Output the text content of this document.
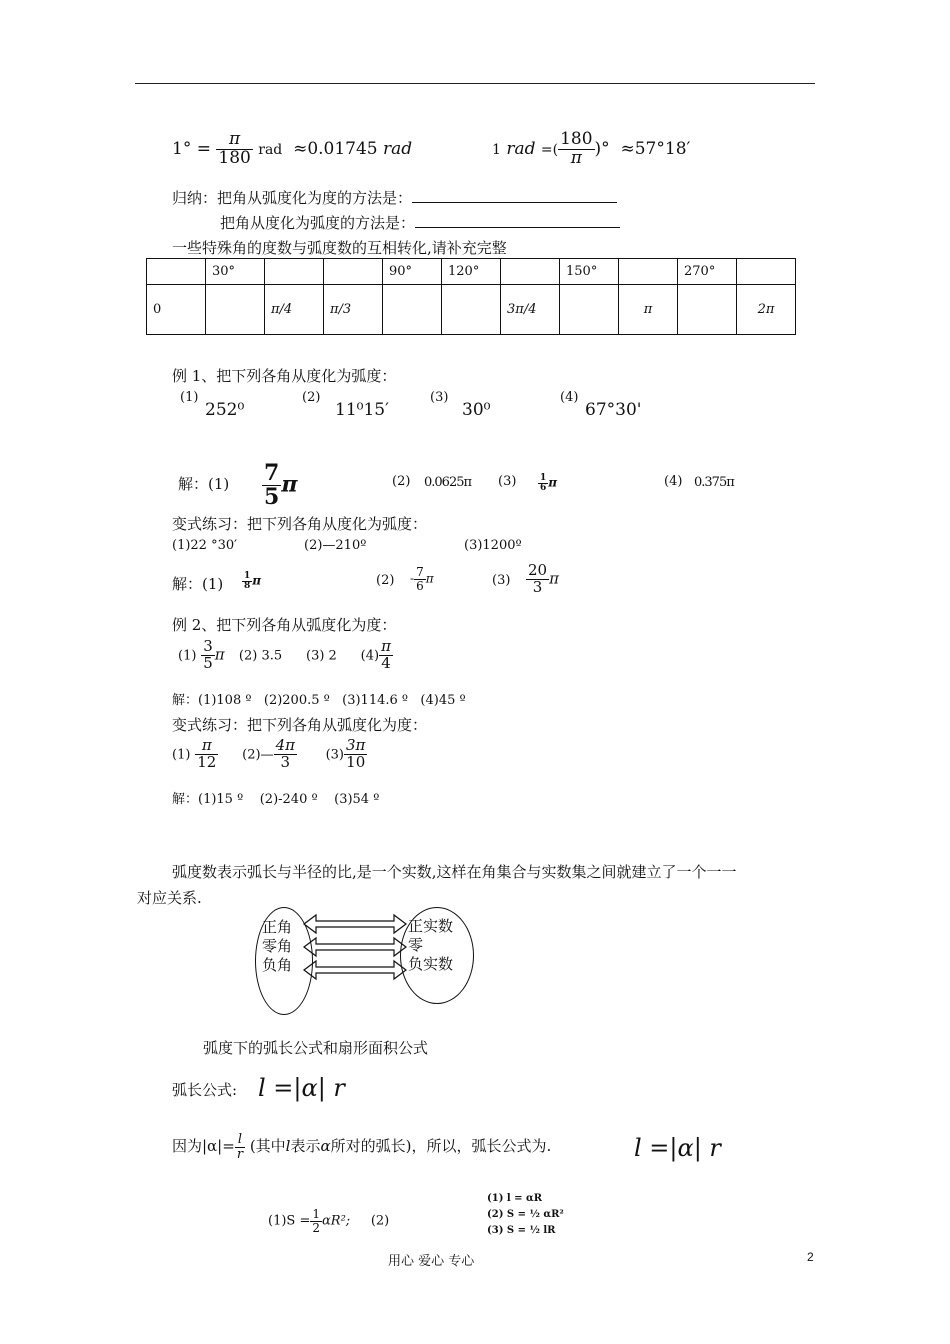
$1^\circ = \frac{\pi}{180}$ rad ≈0.01745 rad	1 rad =( $\frac{180}{\pi}$ )° ≈57°18′
归纳：把角从弧度化为度的方法是：
把角从度化为弧度的方法是：
一些特殊角的度数与弧度数的互相转化,请补充完整
	30°			90°	120°		150°		270°	
0		π/4	π/3			3π/4		π		2π
例 1、把下列各角从度化为弧度：
(1)
252⁰
(2)
11⁰15′
(3)
30⁰
(4)
67°30'
解：$(1) \frac{7}{5}$ π	(2) 0.0625π $(3) \frac{1}{6}$ π	(4) 0.375π
变式练习：把下列各角从度化为弧度：
(1)22 °30′	(2)—210º	(3)1200º
解：$(1) \frac{1}{8}$ π	$(2) - \frac{7}{6}$ π	$(3) \frac{20}{3}$ π
例 2、把下列各角从弧度化为度：
$(1) \frac{3}{5}$ π (2) 3.5 (3) 2 $(4) \frac{\pi}{4}$
解：(1)108 º   (2)200.5 º   (3)114.6 º   (4)45 º
变式练习：把下列各角从弧度化为度：
$(1) \frac{\pi}{12}$ (2)— $\frac{4\pi}{3} (3) \frac{3\pi}{10}$
解：(1)15 º    (2)-240 º    (3)54 º
弧度数表示弧长与半径的比,是一个实数,这样在角集合与实数集之间就建立了一个一一
对应关系.
正角
零角
负角
正实数
零
负实数
弧度下的弧长公式和扇形面积公式
弧长公式: l =|α| r
因为$|\alpha|= \frac{l}{r}$ (其中l表示α所对的弧长)，所以，弧长公式为.	l =|α| r
$(1)S = \frac{1}{2} \alpha R^2$; (2)
(1) l = αR
(2) S = ½ αR²
(3) S = ½ lR
用心 爱心 专心	2
